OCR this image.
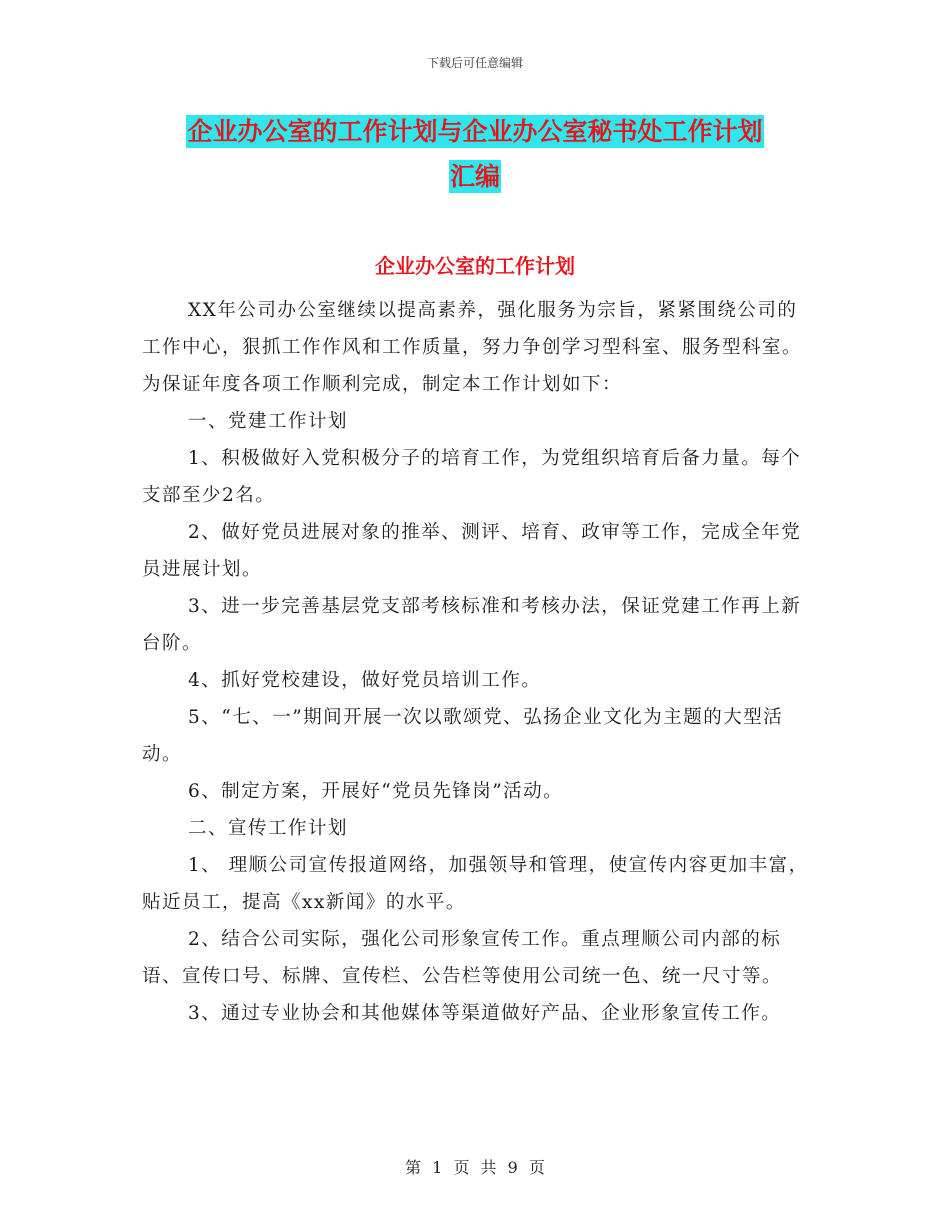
下载后可任意编辑
企业办公室的工作计划与企业办公室秘书处工作计划
汇编
企业办公室的工作计划

XX年公司办公室继续以提高素养，强化服务为宗旨，紧紧围绕公司的工作中心，狠抓工作作风和工作质量，努力争创学习型科室、服务型科室。为保证年度各项工作顺利完成，制定本工作计划如下：

一、党建工作计划

1、积极做好入党积极分子的培育工作，为党组织培育后备力量。每个支部至少2名。

2、做好党员进展对象的推举、测评、培育、政审等工作，完成全年党员进展计划。

3、进一步完善基层党支部考核标准和考核办法，保证党建工作再上新台阶。

4、抓好党校建设，做好党员培训工作。

5、“七、一”期间开展一次以歌颂党、弘扬企业文化为主题的大型活动。

6、制定方案，开展好“党员先锋岗”活动。

二、宣传工作计划

1、 理顺公司宣传报道网络，加强领导和管理，使宣传内容更加丰富，贴近员工，提高《xx新闻》的水平。

2、结合公司实际，强化公司形象宣传工作。重点理顺公司内部的标语、宣传口号、标牌、宣传栏、公告栏等使用公司统一色、统一尺寸等。

3、通过专业协会和其他媒体等渠道做好产品、企业形象宣传工作。

第 1 页 共 9 页
